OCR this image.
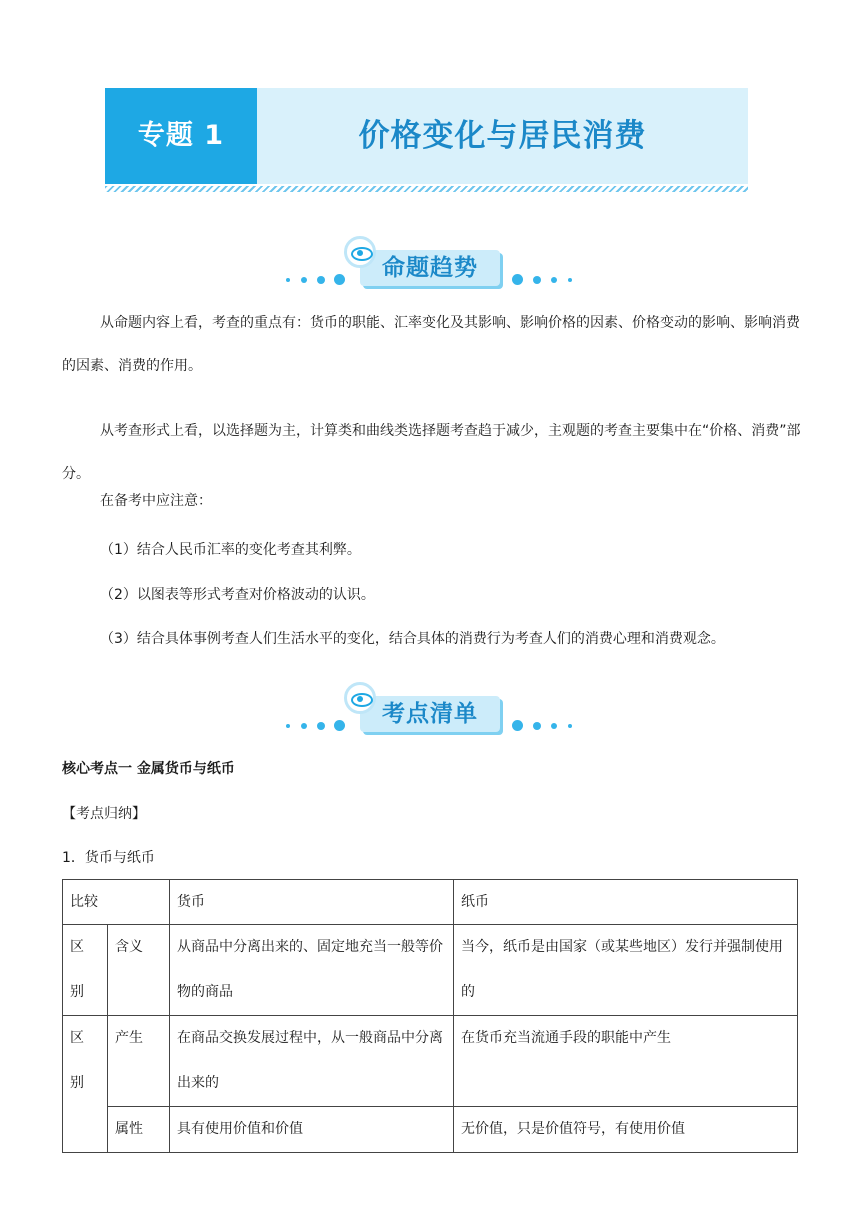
专题 1	价格变化与居民消费
命题趋势

从命题内容上看，考查的重点有：货币的职能、汇率变化及其影响、影响价格的因素、价格变动的影响、影响消费的因素、消费的作用。

从考查形式上看，以选择题为主，计算类和曲线类选择题考查趋于减少，主观题的考查主要集中在“价格、消费”部分。

在备考中应注意：
（1）结合人民币汇率的变化考查其利弊。
（2）以图表等形式考查对价格波动的认识。
（3）结合具体事例考查人们生活水平的变化，结合具体的消费行为考查人们的消费心理和消费观念。
考点清单
核心考点一 金属货币与纸币
【考点归纳】
1．货币与纸币
比较		货币	纸币

区
别	含义	从商品中分离出来的、固定地充当一般等价物的商品	当今，纸币是由国家（或某些地区）发行并强制使用的

区
别	产生	在商品交换发展过程中，从一般商品中分离出来的	在货币充当流通手段的职能中产生
	属性	具有使用价值和价值	无价值，只是价值符号，有使用价值
